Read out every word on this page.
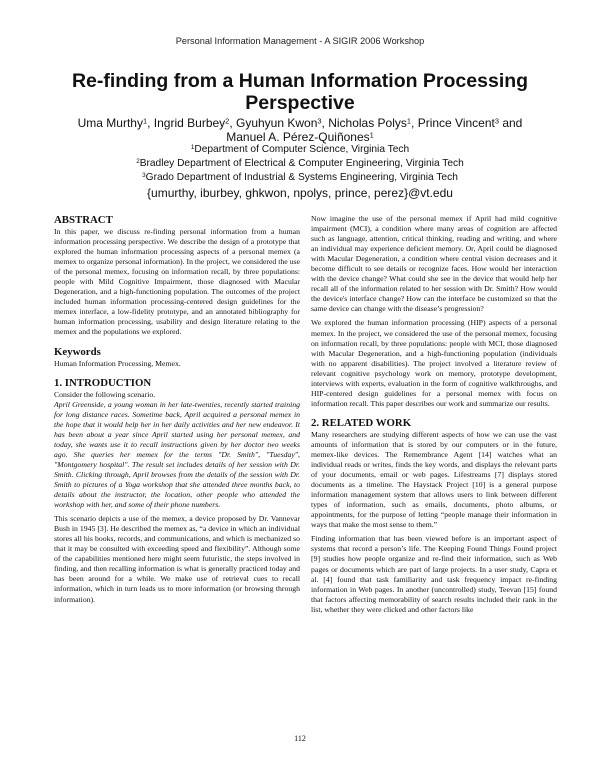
Personal Information Management - A SIGIR 2006 Workshop
Re-finding from a Human Information Processing Perspective
Uma Murthy$^1$, Ingrid Burbey$^2$, Gyuhyun Kwon$^3$, Nicholas Polys$^1$, Prince Vincent$^3$ and
Manuel A. Pérez-Quiñones$^1$
$^1$Department of Computer Science, Virginia Tech
$^2$Bradley Department of Electrical & Computer Engineering, Virginia Tech
$^3$Grado Department of Industrial & Systems Engineering, Virginia Tech
{umurthy, iburbey, ghkwon, npolys, prince, perez}@vt.edu
ABSTRACT

In this paper, we discuss re-finding personal information from a human information processing perspective. We describe the design of a prototype that explored the human information processing aspects of a personal memex (a memex to organize personal information). In the project, we considered the use of the personal memex, focusing on information recall, by three populations: people with Mild Cognitive Impairment, those diagnosed with Macular Degeneration, and a high-functioning population. The outcomes of the project included human information processing-centered design guidelines for the memex interface, a low-fidelity prototype, and an annotated bibliography for human information processing, usability and design literature relating to the memex and the populations we explored.

Keywords

Human Information Processing, Memex.

1. INTRODUCTION

Consider the following scenario.

April Greenside, a young woman in her late-twenties, recently started training for long distance races. Sometime back, April acquired a personal memex in the hope that it would help her in her daily activities and her new endeavor. It has been about a year since April started using her personal memex, and today, she wants use it to recall instructions given by her doctor two weeks ago. She queries her memex for the terms "Dr. Smith", "Tuesday", "Montgomery hospital". The result set includes details of her session with Dr. Smith. Clicking through, April browses from the details of the session with Dr. Smith to pictures of a Yoga workshop that she attended three months back, to details about the instructor, the location, other people who attended the workshop with her, and some of their phone numbers.

This scenario depicts a use of the memex, a device proposed by Dr. Vannevar Bush in 1945 [3]. He described the memex as, “a device in which an individual stores all his books, records, and communications, and which is mechanized so that it may be consulted with exceeding speed and flexibility”. Although some of the capabilities mentioned here might seem futuristic, the steps involved in finding, and then recalling information is what is generally practiced today and has been around for a while. We make use of retrieval cues to recall information, which in turn leads us to more information (or browsing through information).

Now imagine the use of the personal memex if April had mild cognitive impairment (MCI), a condition where many areas of cognition are affected such as language, attention, critical thinking, reading and writing, and where an individual may experience deficient memory. Or, April could be diagnosed with Macular Degeneration, a condition where central vision decreases and it become difficult to see details or recognize faces. How would her interaction with the device change? What could she see in the device that would help her recall all of the information related to her session with Dr. Smith? How would the device's interface change? How can the interface be customized so that the same device can change with the disease’s progression?

We explored the human information processing (HIP) aspects of a personal memex. In the project, we considered the use of the personal memex, focusing on information recall, by three populations: people with MCI, those diagnosed with Macular Degeneration, and a high-functioning population (individuals with no apparent disabilities). The project involved a literature review of relevant cognitive psychology work on memory, prototype development, interviews with experts, evaluation in the form of cognitive walkthroughs, and HIP-centered design guidelines for a personal memex with focus on information recall. This paper describes our work and summarize our results.

2. RELATED WORK

Many researchers are studying different aspects of how we can use the vast amounts of information that is stored by our computers or in the future, memex-like devices. The Remembrance Agent [14] watches what an individual reads or writes, finds the key words, and displays the relevant parts of your documents, email or web pages. Lifestreams [7] displays stored documents as a timeline. The Haystack Project [10] is a general purpose information management system that allows users to link between different types of information, such as emails, documents, photo albums, or appointments, for the purpose of letting “people manage their information in ways that make the most sense to them.”

Finding information that has been viewed before is an important aspect of systems that record a person’s life. The Keeping Found Things Found project [9] studies how people organize and re-find their information, such as Web pages or documents which are part of large projects. In a user study, Capra et al. [4] found that task familiarity and task frequency impact re-finding information in Web pages. In another (uncontrolled) study, Teevan [15] found that factors affecting memorability of search results included their rank in the list, whether they were clicked and other factors like

112
